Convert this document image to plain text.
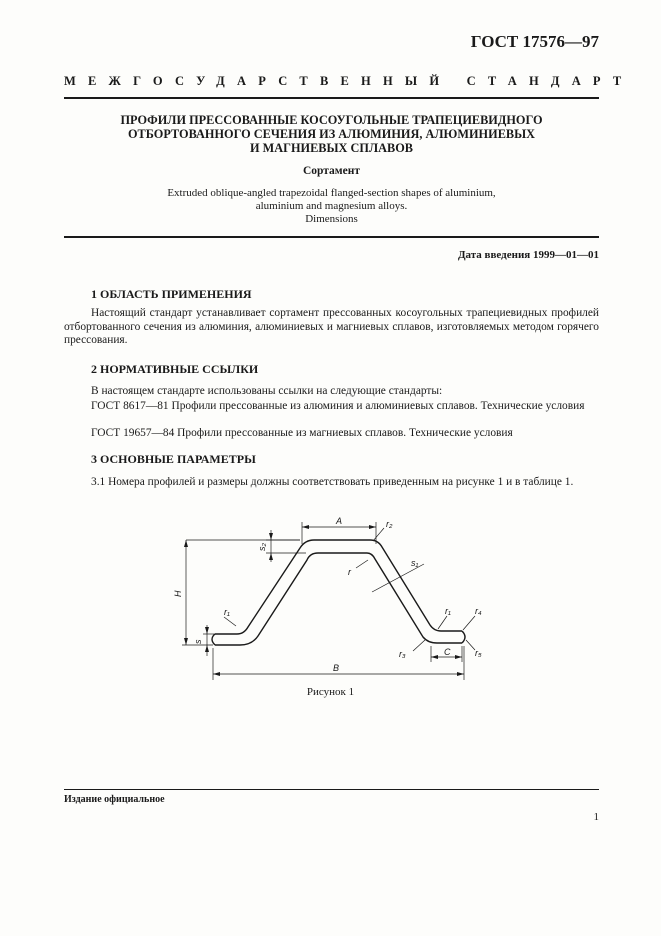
ГОСТ 17576—97
МЕЖГОСУДАРСТВЕННЫЙ СТАНДАРТ
ПРОФИЛИ ПРЕССОВАННЫЕ КОСОУГОЛЬНЫЕ ТРАПЕЦИЕВИДНОГО
ОТБОРТОВАННОГО СЕЧЕНИЯ ИЗ АЛЮМИНИЯ, АЛЮМИНИЕВЫХ
И МАГНИЕВЫХ СПЛАВОВ
Сортамент
Extruded oblique-angled trapezoidal flanged-section shapes of aluminium,
aluminium and magnesium alloys.
Dimensions
Дата введения 1999—01—01
1 ОБЛАСТЬ ПРИМЕНЕНИЯ
Настоящий стандарт устанавливает сортамент прессованных косоугольных трапециевидных профилей отбортованного сечения из алюминия, алюминиевых и магниевых сплавов, изготовляемых методом горячего прессования.
2 НОРМАТИВНЫЕ ССЫЛКИ
В настоящем стандарте использованы ссылки на следующие стандарты:
ГОСТ 8617—81 Профили прессованные из алюминия и алюминиевых сплавов. Технические условия
ГОСТ 19657—84 Профили прессованные из магниевых сплавов. Технические условия
3 ОСНОВНЫЕ ПАРАМЕТРЫ
3.1 Номера профилей и размеры должны соответствовать приведенным на рисунке 1 и в таблице 1.
A
B
H
C
s
s₂
s₁
r
r₂
r₁	r₁	r₄
r₃	r₅
Рисунок 1
Издание официальное
1
